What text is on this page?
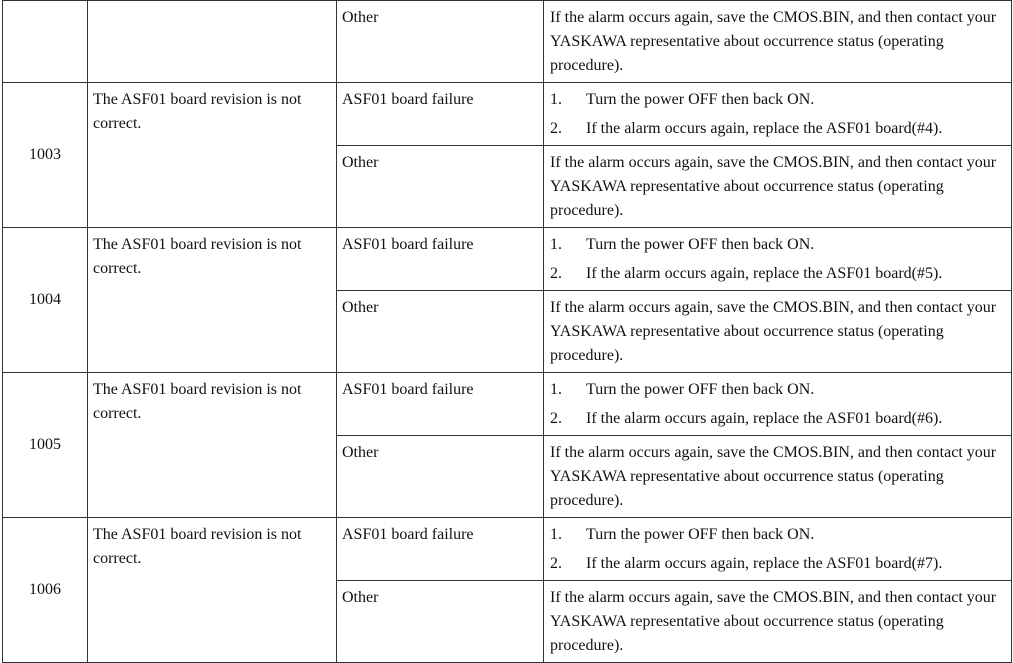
		Other	If the alarm occurs again, save the CMOS.BIN, and then contact your YASKAWA representative about occurrence status (operating procedure).
1003	The ASF01 board revision is not correct.	ASF01 board failure	1. Turn the power OFF then back ON.
2. If the alarm occurs again, replace the ASF01 board(#4).

		Other	If the alarm occurs again, save the CMOS.BIN, and then contact your YASKAWA representative about occurrence status (operating procedure).
1004	The ASF01 board revision is not correct.	ASF01 board failure	1. Turn the power OFF then back ON.
2. If the alarm occurs again, replace the ASF01 board(#5).

		Other	If the alarm occurs again, save the CMOS.BIN, and then contact your YASKAWA representative about occurrence status (operating procedure).
1005	The ASF01 board revision is not correct.	ASF01 board failure	1. Turn the power OFF then back ON.
2. If the alarm occurs again, replace the ASF01 board(#6).

		Other	If the alarm occurs again, save the CMOS.BIN, and then contact your YASKAWA representative about occurrence status (operating procedure).
1006	The ASF01 board revision is not correct.	ASF01 board failure	1. Turn the power OFF then back ON.
2. If the alarm occurs again, replace the ASF01 board(#7).

		Other	If the alarm occurs again, save the CMOS.BIN, and then contact your YASKAWA representative about occurrence status (operating procedure).
